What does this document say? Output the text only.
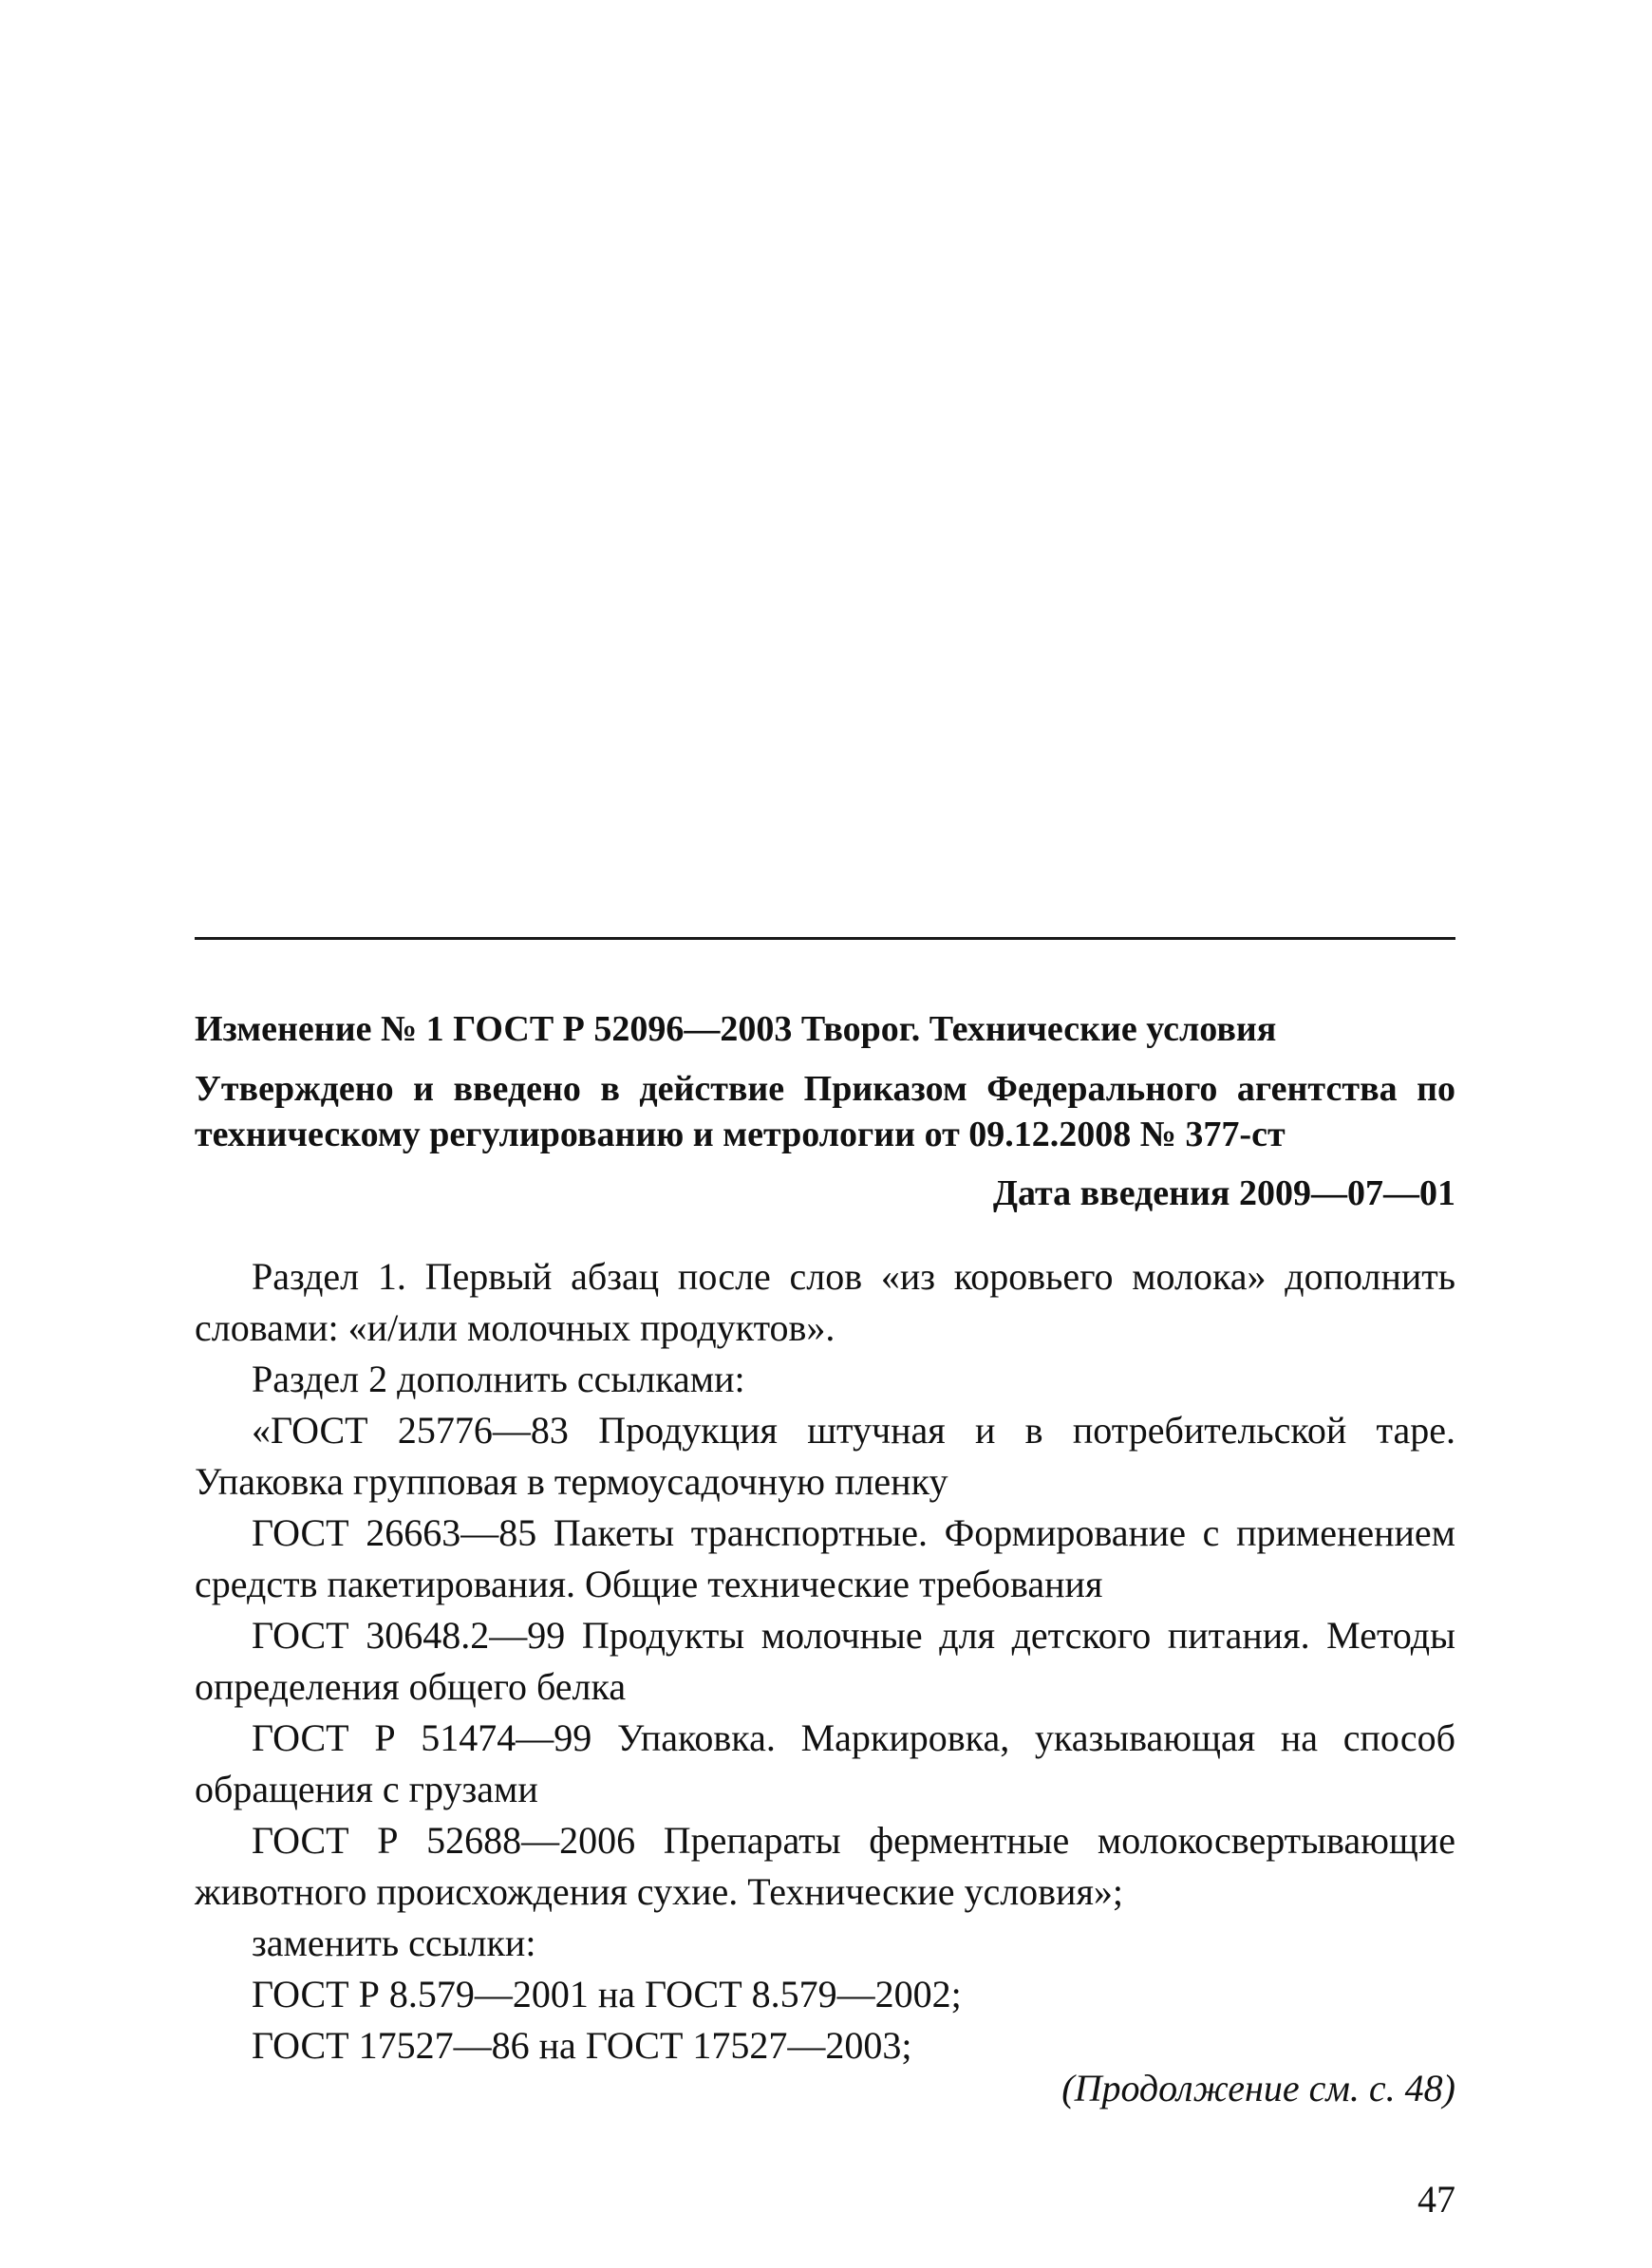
Изменение № 1 ГОСТ Р 52096—2003 Творог. Технические условия
Утверждено и введено в действие Приказом Федерального агентства по техническому регулированию и метрологии от 09.12.2008 № 377-ст
Дата введения 2009—07—01

Раздел 1. Первый абзац после слов «из коровьего молока» дополнить словами: «и/или молочных продуктов».

Раздел 2 дополнить ссылками:

«ГОСТ 25776—83 Продукция штучная и в потребительской таре. Упаковка групповая в термоусадочную пленку

ГОСТ 26663—85 Пакеты транспортные. Формирование с применением средств пакетирования. Общие технические требования

ГОСТ 30648.2—99 Продукты молочные для детского питания. Методы определения общего белка

ГОСТ Р 51474—99 Упаковка. Маркировка, указывающая на способ обращения с грузами

ГОСТ Р 52688—2006 Препараты ферментные молокосвертывающие животного происхождения сухие. Технические условия»;

заменить ссылки:

ГОСТ Р 8.579—2001 на ГОСТ 8.579—2002;

ГОСТ 17527—86 на ГОСТ 17527—2003;

(Продолжение см. с. 48)
47
